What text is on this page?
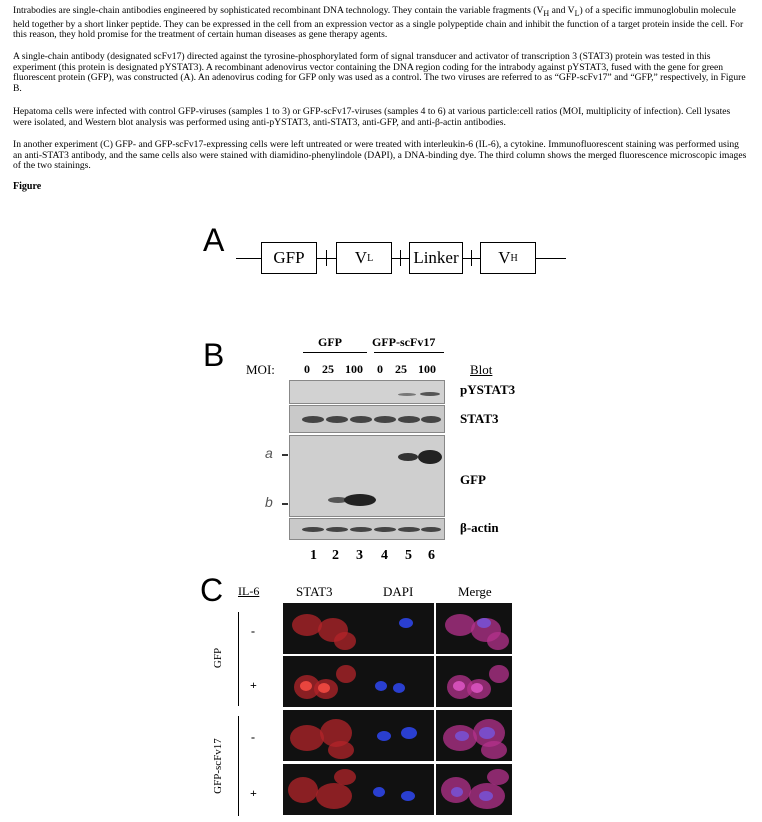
Intrabodies are single-chain antibodies engineered by sophisticated recombinant DNA technology. They contain the variable fragments ($V_H$ and $V_L$) of a specific immunoglobulin molecule held together by a short linker peptide. They can be expressed in the cell from an expression vector as a single polypeptide chain and inhibit the function of a target protein inside the cell. For this reason, they hold promise for the treatment of certain human diseases as gene therapy agents.

A single-chain antibody (designated scFv17) directed against the tyrosine-phosphorylated form of signal transducer and activator of transcription 3 (STAT3) protein was tested in this experiment (this protein is designated pYSTAT3). A recombinant adenovirus vector containing the DNA region coding for the intrabody against pYSTAT3, fused with the gene for green fluorescent protein (GFP), was constructed (A). An adenovirus coding for GFP only was used as a control. The two viruses are referred to as “GFP-scFv17” and “GFP,” respectively, in Figure B.

Hepatoma cells were infected with control GFP-viruses (samples 1 to 3) or GFP-scFv17-viruses (samples 4 to 6) at various particle:cell ratios (MOI, multiplicity of infection). Cell lysates were isolated, and Western blot analysis was performed using anti-pYSTAT3, anti-STAT3, anti-GFP, and anti-β-actin antibodies.

In another experiment (C) GFP- and GFP-scFv17-expressing cells were left untreated or were treated with interleukin-6 (IL-6), a cytokine. Immunofluorescent staining was performed using an anti-STAT3 antibody, and the same cells also were stained with diamidino-phenylindole (DAPI), a DNA-binding dye. The third column shows the merged fluorescence microscopic images of the two stainings.

Figure
A	GFP	V L Linker V H
B	GFP	GFP-scFv17
MOI: 0 25 100 0 25 100	Blot
pYSTAT3
STAT3
GFP
β-actin
a
b
1 2 3 4 5 6
C IL-6	STAT3	DAPI	Merge
GFP
GFP-scFv17
-
+
-
+
